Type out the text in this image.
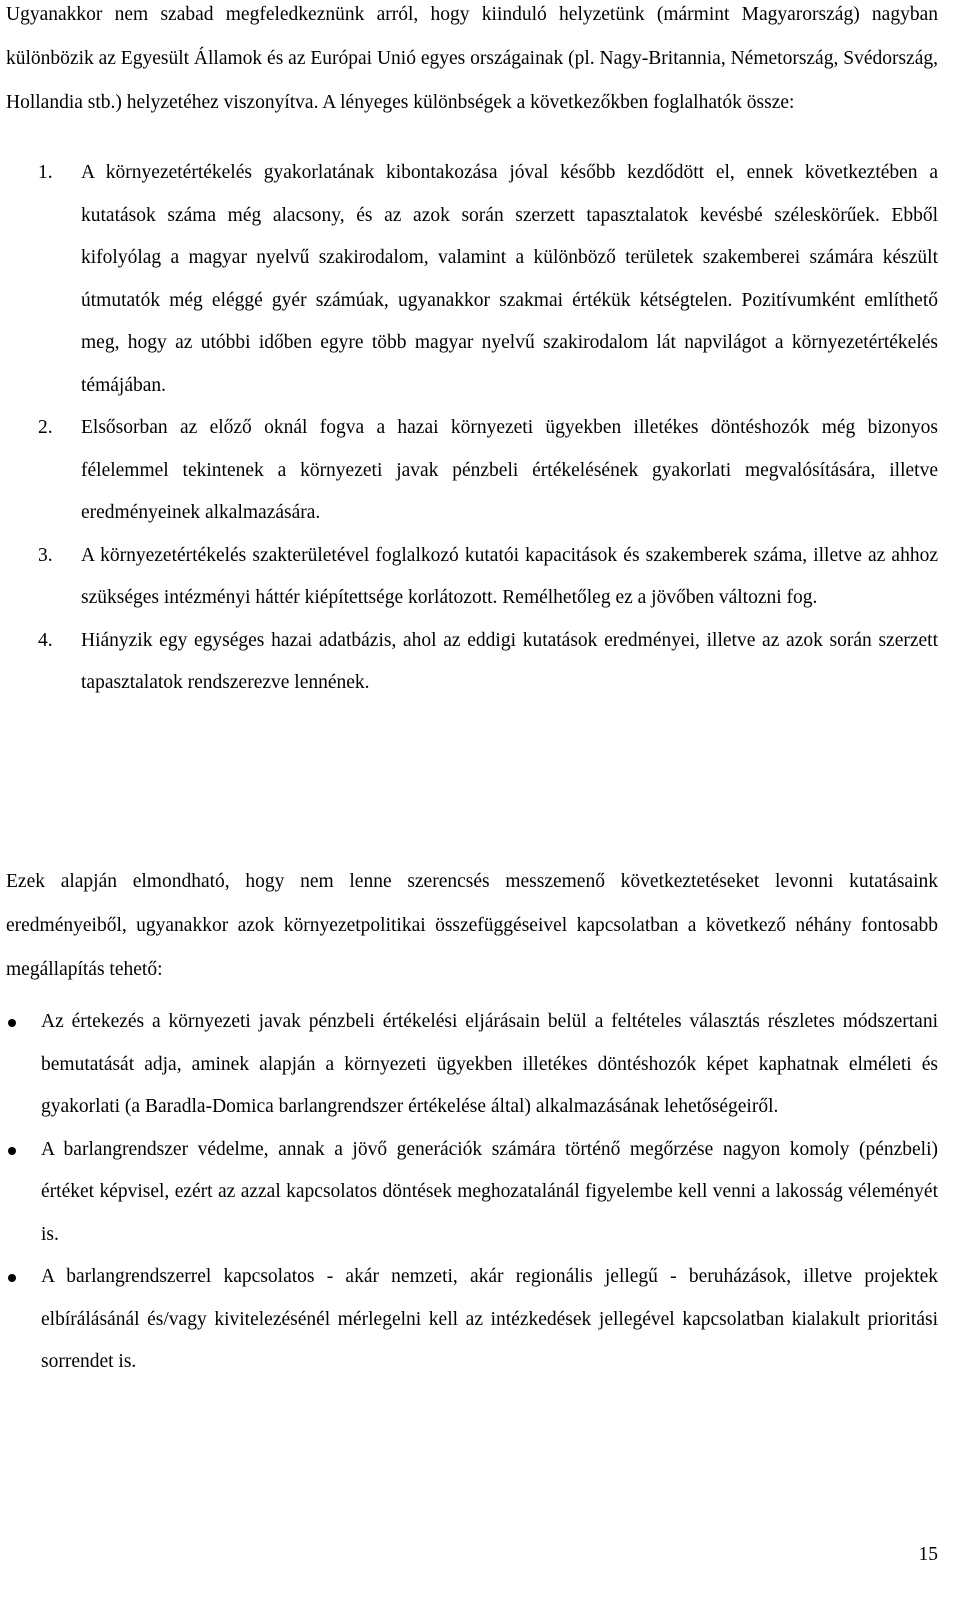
Ugyanakkor nem szabad megfeledkeznünk arról, hogy kiinduló helyzetünk (mármint Magyarország) nagyban különbözik az Egyesült Államok és az Európai Unió egyes országainak (pl. Nagy-Britannia, Németország, Svédország, Hollandia stb.) helyzetéhez viszonyítva. A lényeges különbségek a következőkben foglalhatók össze:

1. A környezetértékelés gyakorlatának kibontakozása jóval később kezdődött el, ennek következtében a kutatások száma még alacsony, és az azok során szerzett tapasztalatok kevésbé széleskörűek. Ebből kifolyólag a magyar nyelvű szakirodalom, valamint a különböző területek szakemberei számára készült útmutatók még eléggé gyér számúak, ugyanakkor szakmai értékük kétségtelen. Pozitívumként említhető meg, hogy az utóbbi időben egyre több magyar nyelvű szakirodalom lát napvilágot a környezetértékelés témájában.
2. Elsősorban az előző oknál fogva a hazai környezeti ügyekben illetékes döntéshozók még bizonyos félelemmel tekintenek a környezeti javak pénzbeli értékelésének gyakorlati megvalósítására, illetve eredményeinek alkalmazására.
3. A környezetértékelés szakterületével foglalkozó kutatói kapacitások és szakemberek száma, illetve az ahhoz szükséges intézményi háttér kiépítettsége korlátozott. Remélhetőleg ez a jövőben változni fog.
4. Hiányzik egy egységes hazai adatbázis, ahol az eddigi kutatások eredményei, illetve az azok során szerzett tapasztalatok rendszerezve lennének.

Ezek alapján elmondható, hogy nem lenne szerencsés messzemenő következtetéseket levonni kutatásaink eredményeiből, ugyanakkor azok környezetpolitikai összefüggéseivel kapcsolatban a következő néhány fontosabb megállapítás tehető:

Az értekezés a környezeti javak pénzbeli értékelési eljárásain belül a feltételes választás részletes módszertani bemutatását adja, aminek alapján a környezeti ügyekben illetékes döntéshozók képet kaphatnak elméleti és gyakorlati (a Baradla-Domica barlangrendszer értékelése által) alkalmazásának lehetőségeiről.
A barlangrendszer védelme, annak a jövő generációk számára történő megőrzése nagyon komoly (pénzbeli) értéket képvisel, ezért az azzal kapcsolatos döntések meghozatalánál figyelembe kell venni a lakosság véleményét is.
A barlangrendszerrel kapcsolatos - akár nemzeti, akár regionális jellegű - beruházások, illetve projektek elbírálásánál és/vagy kivitelezésénél mérlegelni kell az intézkedések jellegével kapcsolatban kialakult prioritási sorrendet is.
15
